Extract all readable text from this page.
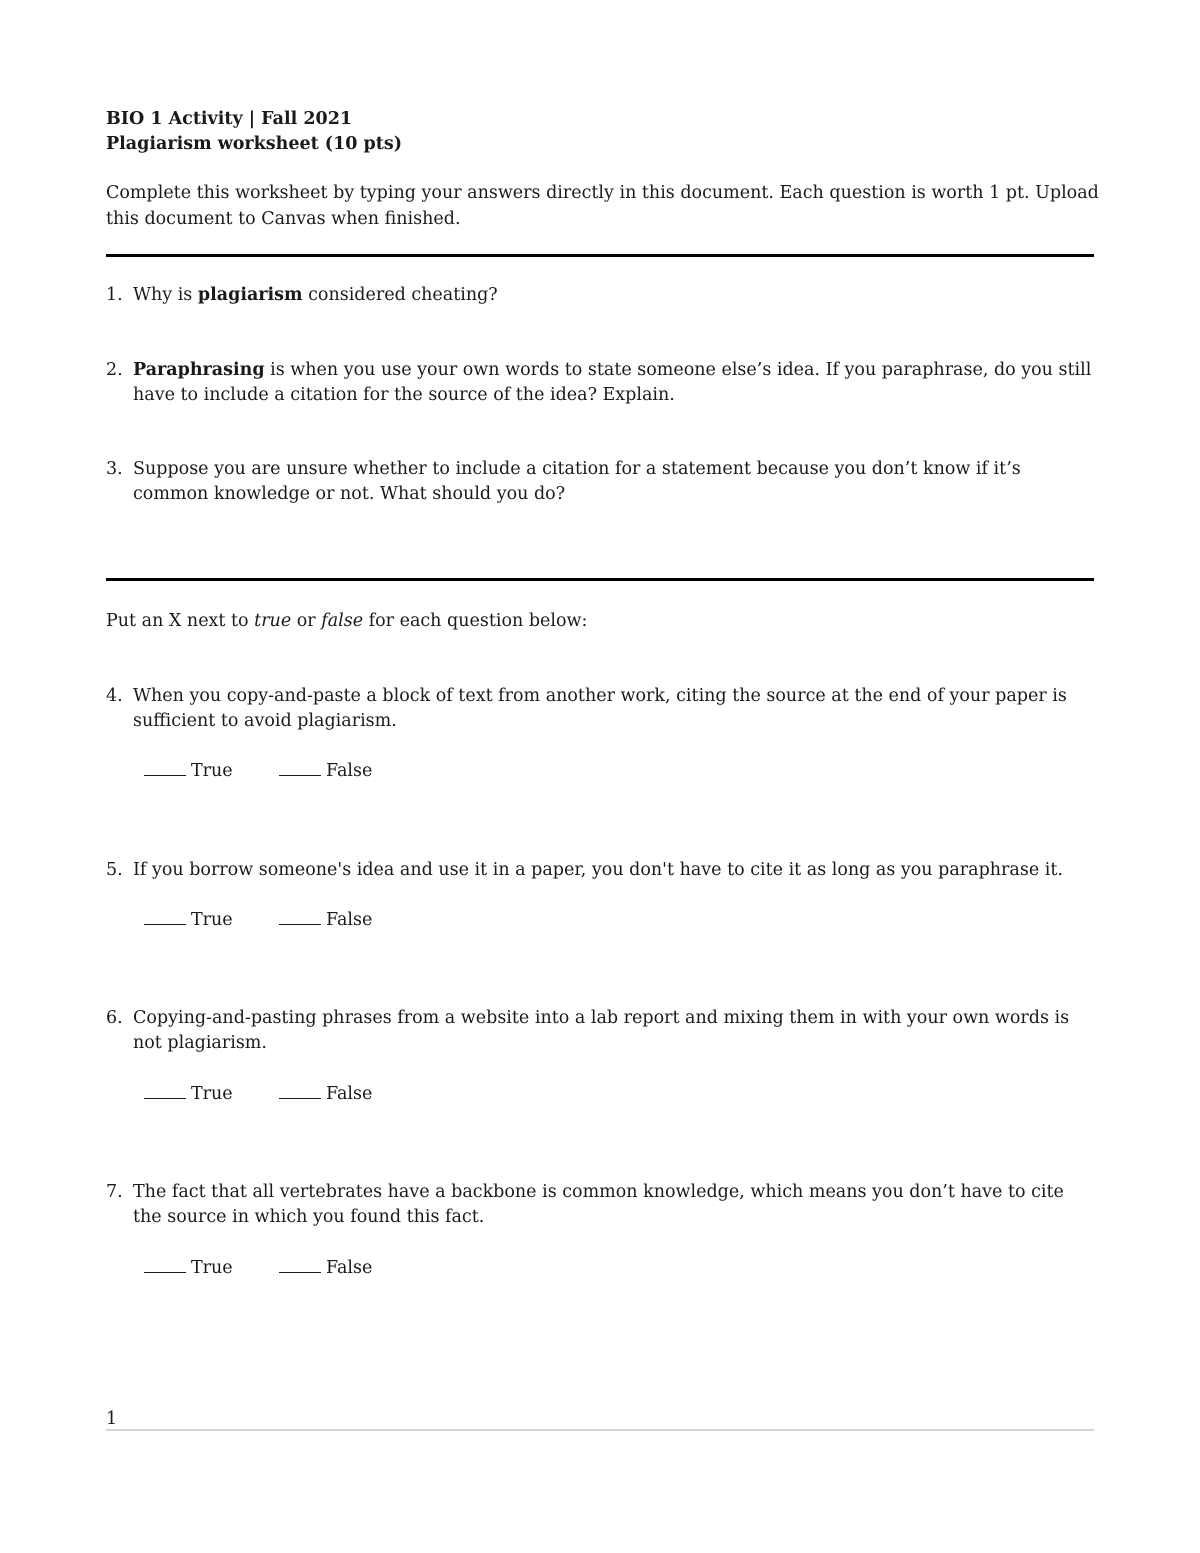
BIO 1 Activity | Fall 2021
Plagiarism worksheet (10 pts)
Complete this worksheet by typing your answers directly in this document. Each question is worth 1 pt. Upload
this document to Canvas when finished.
1. Why is plagiarism considered cheating?
2. Paraphrasing is when you use your own words to state someone else’s idea. If you paraphrase, do you still have to include a citation for the source of the idea? Explain.
3. Suppose you are unsure whether to include a citation for a statement because you don’t know if it’s common knowledge or not. What should you do?
Put an X next to true or false for each question below:
4. When you copy-and-paste a block of text from another work, citing the source at the end of your paper is sufficient to avoid plagiarism.
True	False
5. If you borrow someone's idea and use it in a paper, you don't have to cite it as long as you paraphrase it.
True	False
6. Copying-and-pasting phrases from a website into a lab report and mixing them in with your own words is not plagiarism.
True	False
7. The fact that all vertebrates have a backbone is common knowledge, which means you don’t have to cite the source in which you found this fact.
True	False
1
